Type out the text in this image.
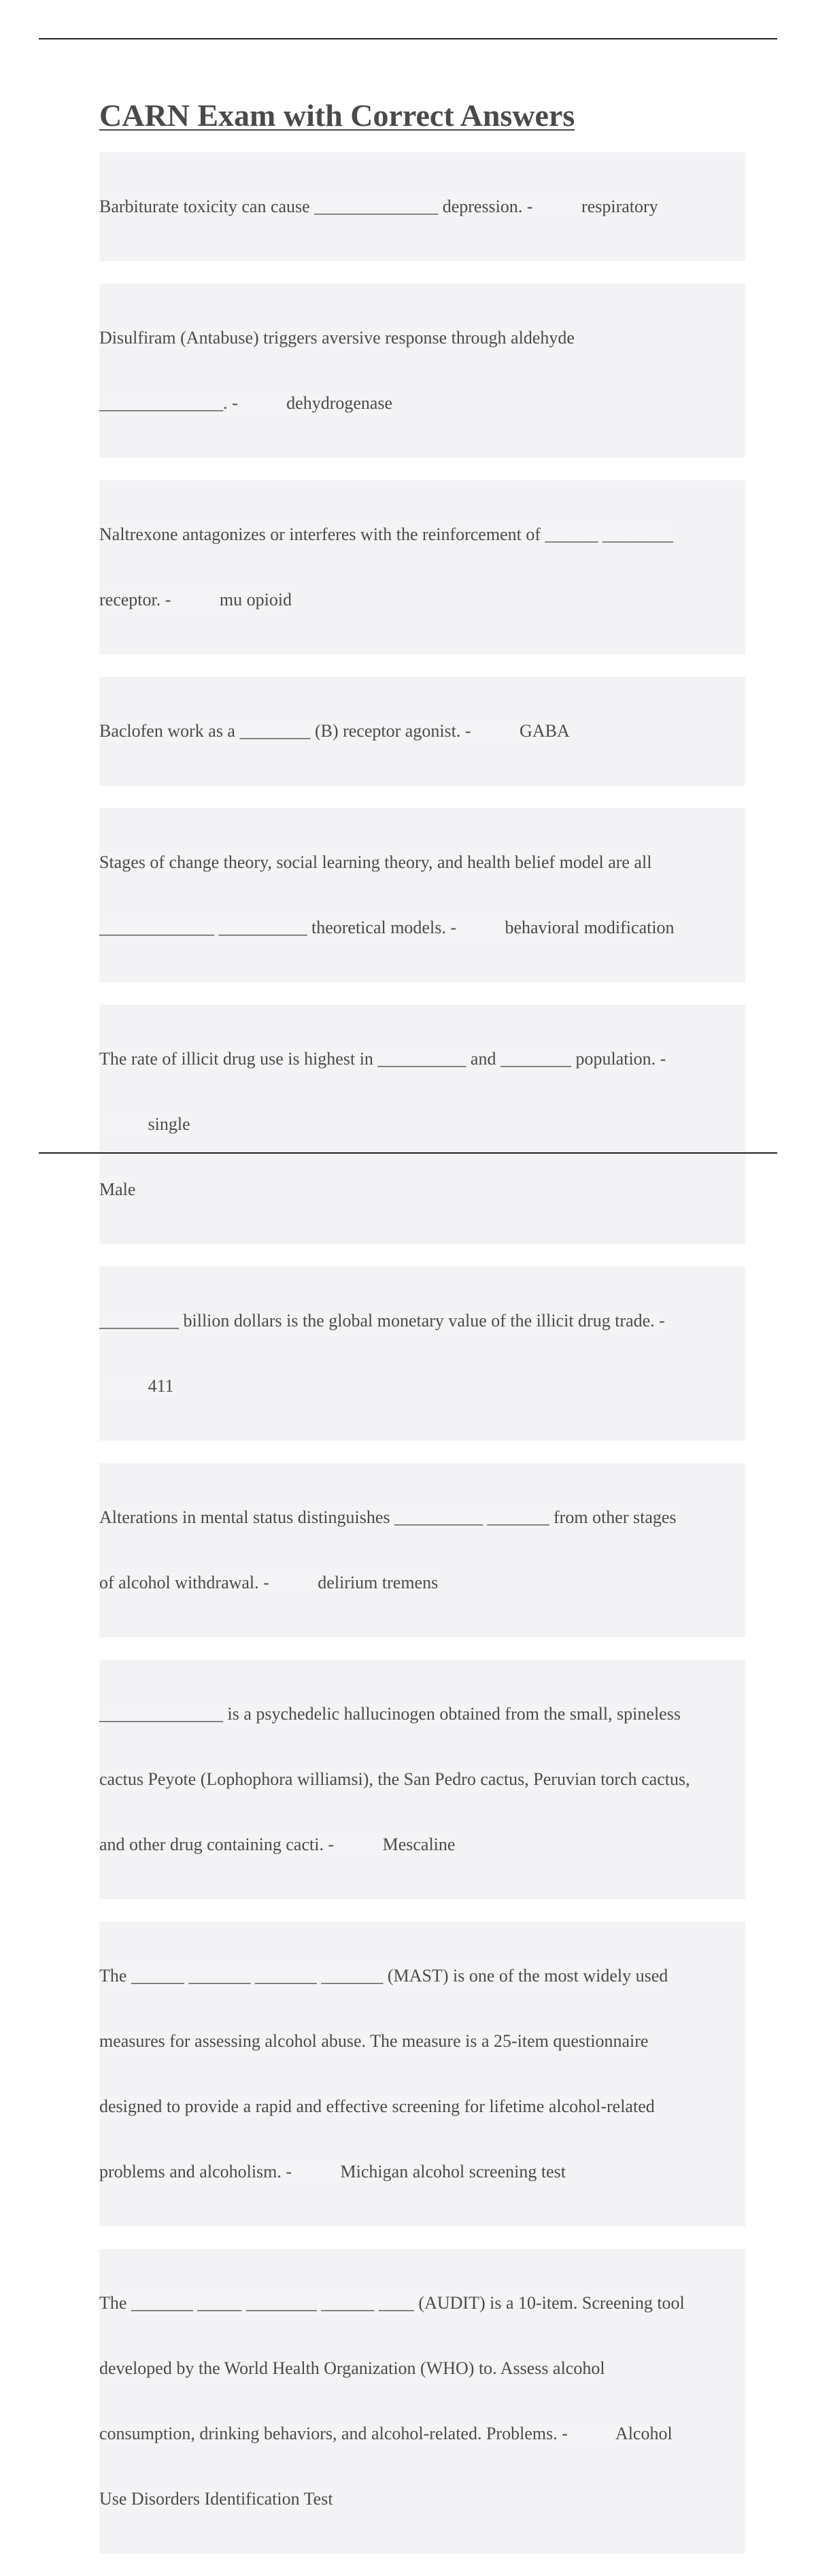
CARN Exam with Correct Answers

Barbiturate toxicity can cause ______________ depression. -           respiratory

Disulfiram (Antabuse) triggers aversive response through aldehyde

______________. -           dehydrogenase

Naltrexone antagonizes or interferes with the reinforcement of ______ ________

receptor. -           mu opioid

Baclofen work as a ________ (B) receptor agonist. -           GABA

Stages of change theory, social learning theory, and health belief model are all

_____________ __________ theoretical models. -           behavioral modification

The rate of illicit drug use is highest in __________ and ________ population. -

single

Male

_________ billion dollars is the global monetary value of the illicit drug trade. -

411

Alterations in mental status distinguishes __________ _______ from other stages

of alcohol withdrawal. -           delirium tremens

______________ is a psychedelic hallucinogen obtained from the small, spineless

cactus Peyote (Lophophora williamsi), the San Pedro cactus, Peruvian torch cactus,

and other drug containing cacti. -           Mescaline

The ______ _______ _______ _______ (MAST) is one of the most widely used

measures for assessing alcohol abuse. The measure is a 25-item questionnaire

designed to provide a rapid and effective screening for lifetime alcohol-related

problems and alcoholism. -           Michigan alcohol screening test

The _______ _____ ________ ______ ____ (AUDIT) is a 10-item. Screening tool

developed by the World Health Organization (WHO) to. Assess alcohol

consumption, drinking behaviors, and alcohol-related. Problems. -           Alcohol

Use Disorders Identification Test
